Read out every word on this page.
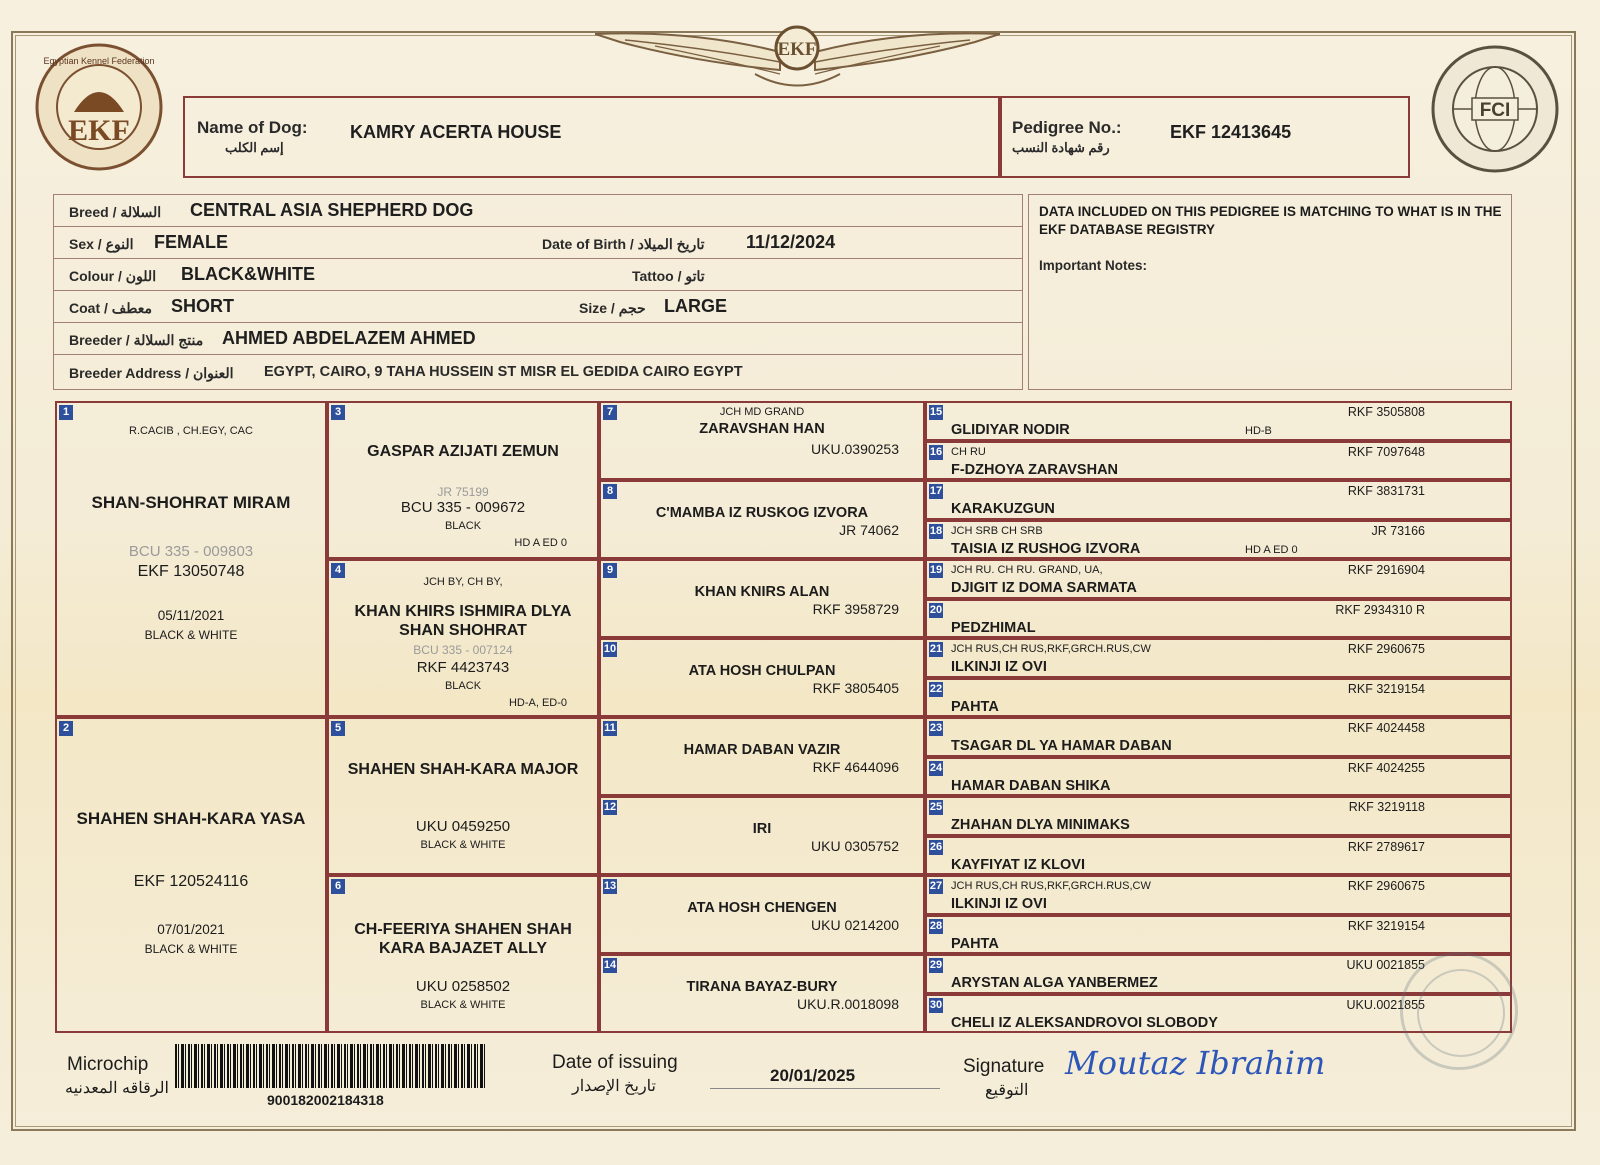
EKF
EKF
Egyptian Kennel Federation
FCI
Name of Dog:
إسم الكلب
KAMRY ACERTA HOUSE	Pedigree No.:
رقم شهادة النسب
EKF 12413645
Breed / السلالة CENTRAL ASIA SHEPHERD DOG
Sex / النوع FEMALE	Date of Birth / تاريخ الميلاد 11/12/2024
Colour / اللون BLACK&WHITE	Tattoo / تاتو
Coat / معطف SHORT	Size / حجم LARGE
Breeder / منتج السلالة AHMED ABDELAZEM AHMED
Breeder Address / العنوان EGYPT, CAIRO, 9 TAHA HUSSEIN ST MISR EL GEDIDA CAIRO EGYPT
DATA INCLUDED ON THIS PEDIGREE IS MATCHING TO WHAT IS IN THE EKF DATABASE REGISTRY
Important Notes:
1
R.CACIB , CH.EGY, CAC
SHAN-SHOHRAT MIRAM
BCU 335 - 009803
EKF 13050748
05/11/2021
BLACK & WHITE
2
SHAHEN SHAH-KARA YASA
EKF 120524116
07/01/2021
BLACK & WHITE
3
GASPAR AZIJATI ZEMUN
JR 75199
BCU 335 - 009672
BLACK
HD A ED 0
4
JCH BY, CH BY,
KHAN KHIRS ISHMIRA DLYA
SHAN SHOHRAT
BCU 335 - 007124
RKF 4423743
BLACK
HD-A, ED-0
5
SHAHEN SHAH-KARA MAJOR
UKU 0459250
BLACK & WHITE
6
CH-FEERIYA SHAHEN SHAH
KARA BAJAZET ALLY
UKU 0258502
BLACK & WHITE
7	JCH MD GRAND
ZARAVSHAN HAN
UKU.0390253
8
C'MAMBA IZ RUSKOG IZVORA
JR 74062
9
KHAN KNIRS ALAN
RKF 3958729
10
ATA HOSH CHULPAN
RKF 3805405
11
HAMAR DABAN VAZIR
RKF 4644096
12
IRI
UKU 0305752
13
ATA HOSH CHENGEN
UKU 0214200
14
TIRANA BAYAZ-BURY
UKU.R.0018098
15
GLIDIYAR NODIR
RKF 3505808
HD-B
16 CH RU
F-DZHOYA ZARAVSHAN
RKF 7097648
17
KARAKUZGUN
RKF 3831731
18 JCH SRB CH SRB
TAISIA IZ RUSHOG IZVORA
JR 73166
HD A ED 0
19 JCH RU. CH RU. GRAND, UA,
DJIGIT IZ DOMA SARMATA
RKF 2916904
20
PEDZHIMAL
RKF 2934310 R
21 JCH RUS,CH RUS,RKF,GRCH.RUS,CW
ILKINJI IZ OVI
RKF 2960675
22
PAHTA
RKF 3219154
23
TSAGAR DL YA HAMAR DABAN
RKF 4024458
24
HAMAR DABAN SHIKA
RKF 4024255
25
ZHAHAN DLYA MINIMAKS
RKF 3219118
26
KAYFIYAT IZ KLOVI
RKF 2789617
27 JCH RUS,CH RUS,RKF,GRCH.RUS,CW
ILKINJI IZ OVI
RKF 2960675
28
PAHTA
RKF 3219154
29
ARYSTAN ALGA YANBERMEZ
UKU 0021855
30
CHELI IZ ALEKSANDROVOI SLOBODY
UKU.0021855
Microchip
الرقاقه المعدنيه
900182002184318
Date of issuing
تاريخ الإصدار
20/01/2025	Signature
التوقيع
Moutaz Ibrahim
